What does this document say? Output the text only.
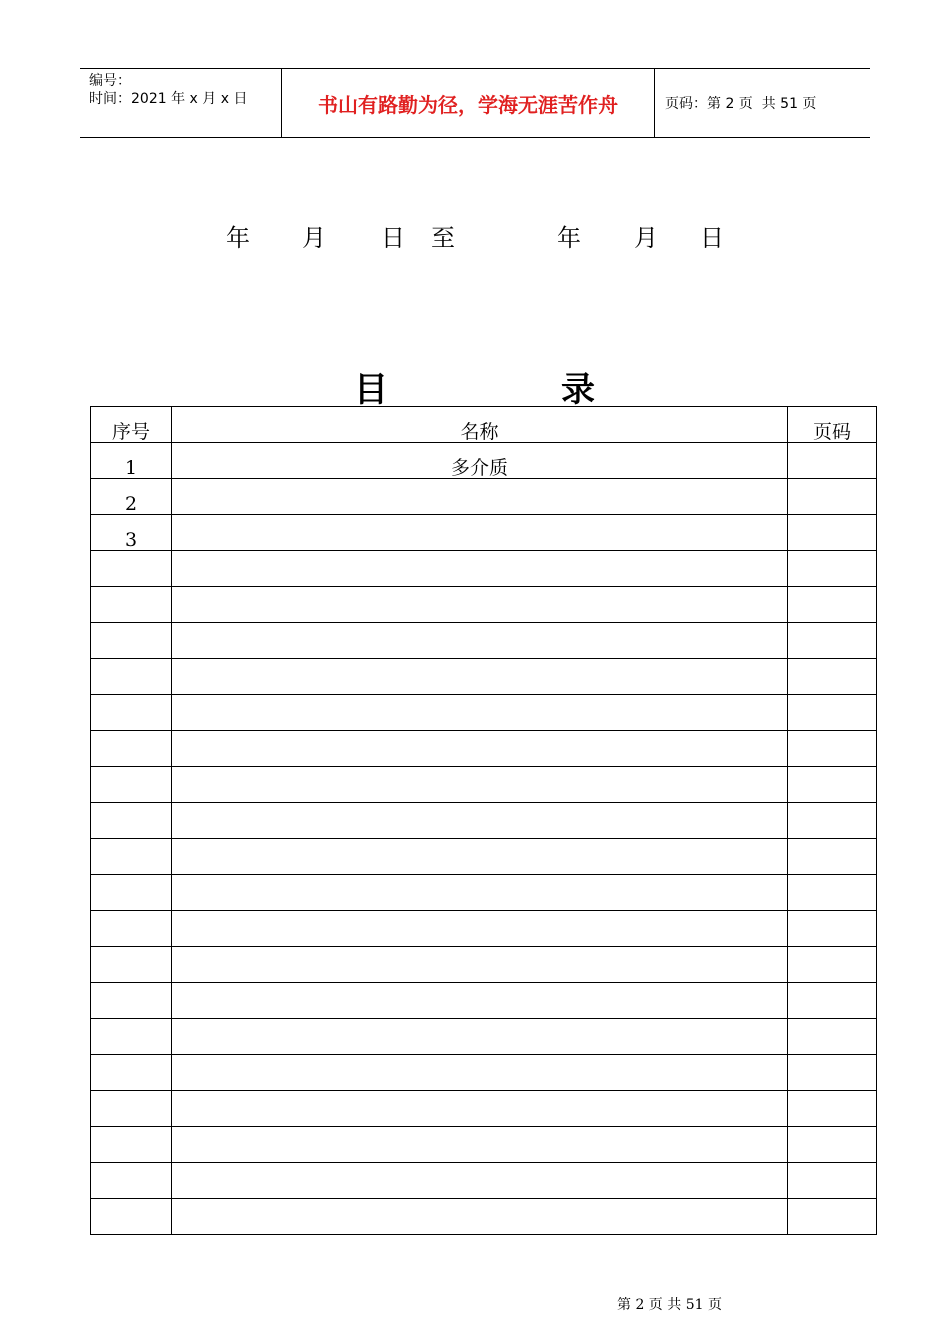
编号：
时间：2021 年 x 月 x 日	书山有路勤为径，学海无涯苦作舟	页码：第 2 页  共 51 页
年 月 日 至	年 月 日
目	录
序号	名称	页码
1	多介质	
2		
3		

第 2 页 共 51 页
